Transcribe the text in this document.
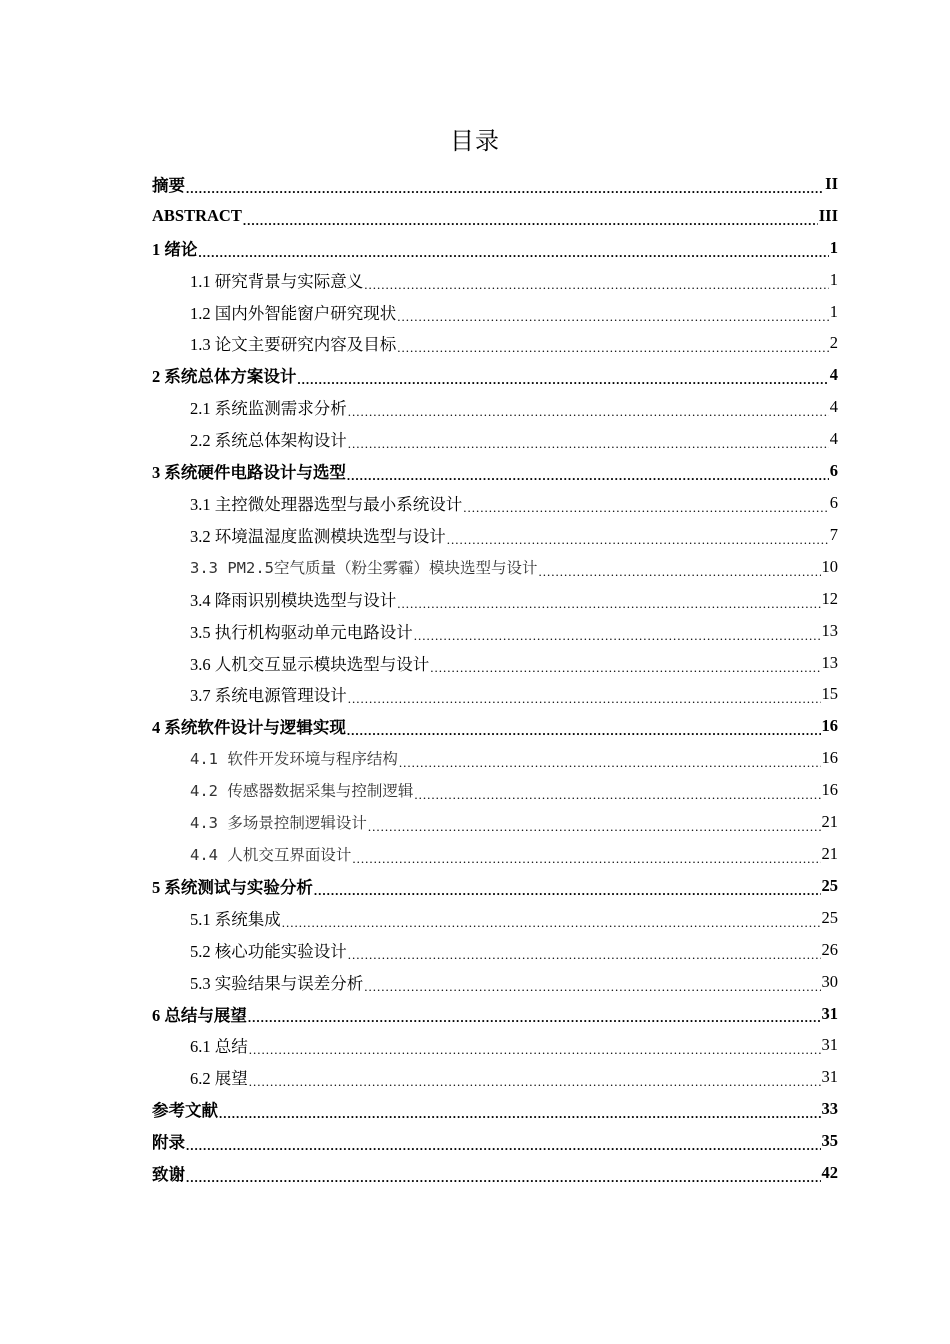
目录
摘要 .....	II
ABSTRACT .....	III
1 绪论 .....	1
1.1 研究背景与实际意义 .....	1
1.2 国内外智能窗户研究现状 .....	1
1.3 论文主要研究内容及目标 .....	2
2 系统总体方案设计 .....	4
2.1 系统监测需求分析 .....	4
2.2 系统总体架构设计 .....	4
3 系统硬件电路设计与选型 .....	6
3.1 主控微处理器选型与最小系统设计 .....	6
3.2 环境温湿度监测模块选型与设计 .....	7
3.3 PM2.5空气质量（粉尘雾霾）模块选型与设计 .....	10
3.4 降雨识别模块选型与设计 .....	12
3.5 执行机构驱动单元电路设计 .....	13
3.6 人机交互显示模块选型与设计 .....	13
3.7 系统电源管理设计 .....	15
4 系统软件设计与逻辑实现 .....	16
4.1 软件开发环境与程序结构 .....	16
4.2 传感器数据采集与控制逻辑 .....	16
4.3 多场景控制逻辑设计 .....	21
4.4 人机交互界面设计 .....	21
5 系统测试与实验分析 .....	25
5.1 系统集成 .....	25
5.2 核心功能实验设计 .....	26
5.3 实验结果与误差分析 .....	30
6 总结与展望 .....	31
6.1 总结 .....	31
6.2 展望 .....	31
参考文献 .....	33
附录 .....	35
致谢 .....	42
